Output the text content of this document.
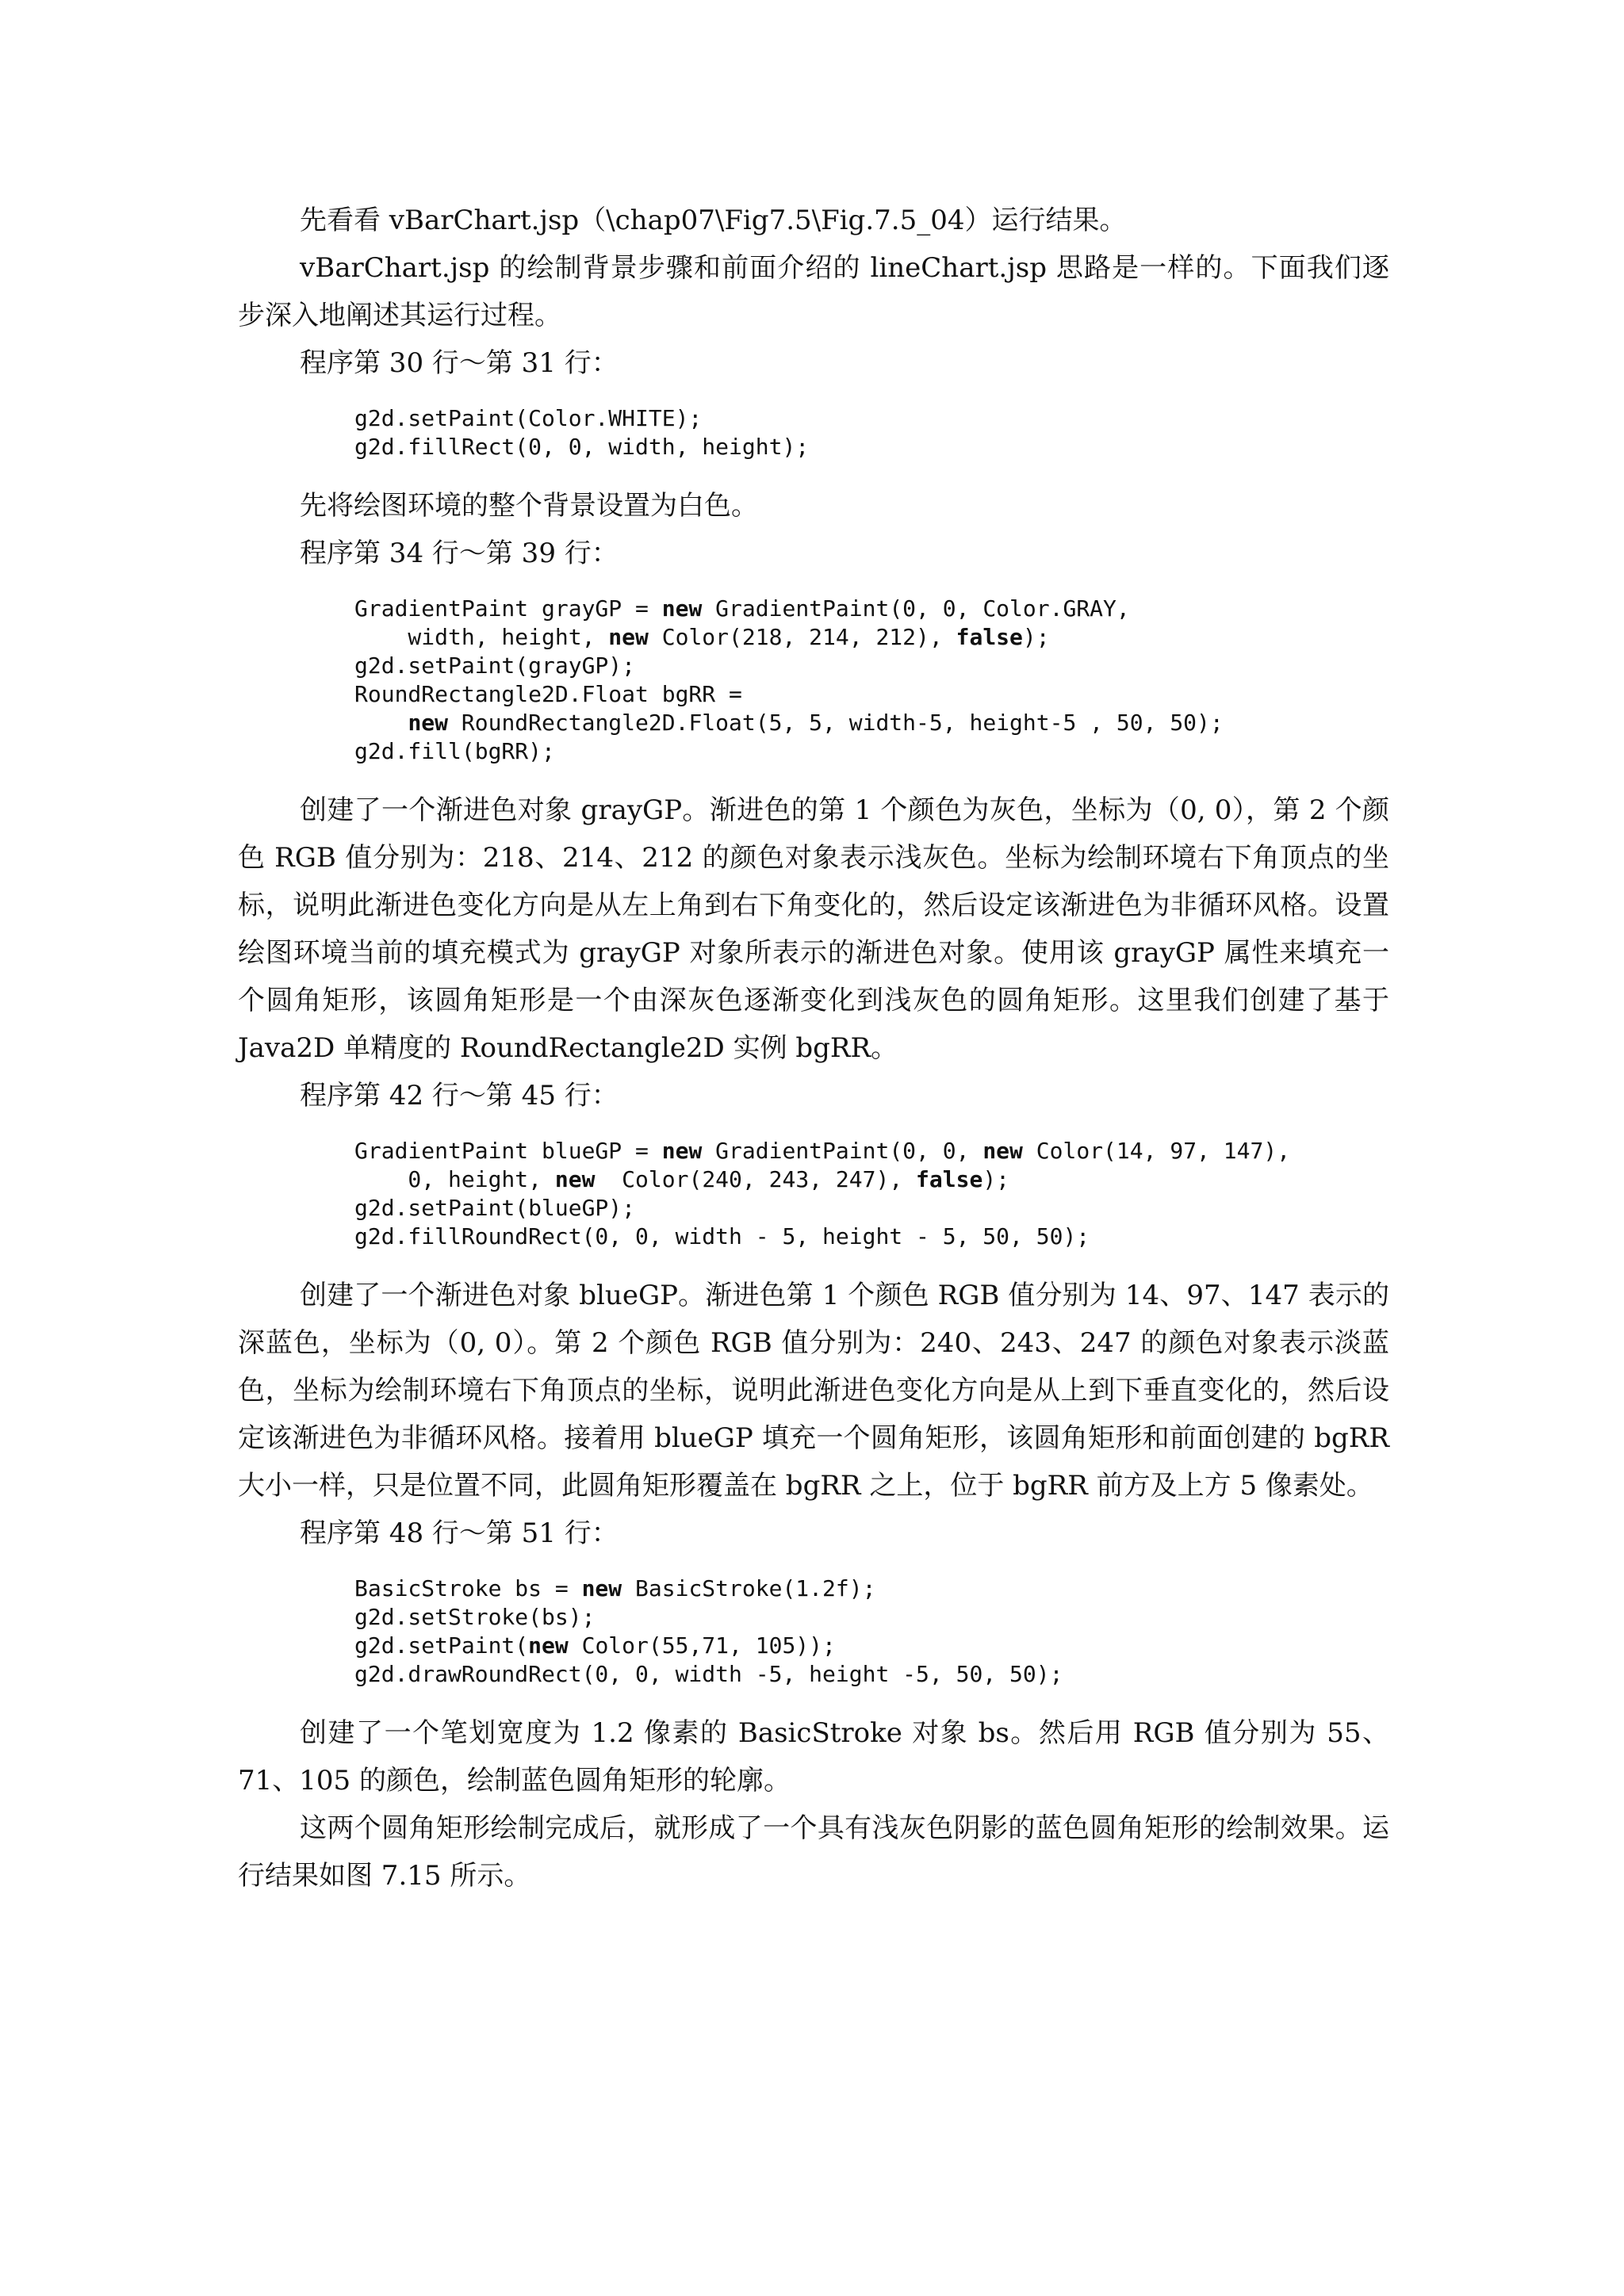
先看看 vBarChart.jsp（\chap07\Fig7.5\Fig.7.5_04）运行结果。

vBarChart.jsp 的绘制背景步骤和前面介绍的 lineChart.jsp 思路是一样的。下面我们逐步深入地阐述其运行过程。

程序第 30 行～第 31 行：

g2d.setPaint(Color.WHITE);
g2d.fillRect(0, 0, width, height);

先将绘图环境的整个背景设置为白色。

程序第 34 行～第 39 行：

GradientPaint grayGP = new GradientPaint(0, 0, Color.GRAY,
width, height, new Color(218, 214, 212), false);
g2d.setPaint(grayGP);
RoundRectangle2D.Float bgRR =
new RoundRectangle2D.Float(5, 5, width-5, height-5 , 50, 50);
g2d.fill(bgRR);

创建了一个渐进色对象 grayGP。渐进色的第 1 个颜色为灰色，坐标为（0, 0），第 2 个颜色 RGB 值分别为：218、214、212 的颜色对象表示浅灰色。坐标为绘制环境右下角顶点的坐标，说明此渐进色变化方向是从左上角到右下角变化的，然后设定该渐进色为非循环风格。设置绘图环境当前的填充模式为 grayGP 对象所表示的渐进色对象。使用该 grayGP 属性来填充一个圆角矩形，该圆角矩形是一个由深灰色逐渐变化到浅灰色的圆角矩形。这里我们创建了基于 Java2D 单精度的 RoundRectangle2D 实例 bgRR。

程序第 42 行～第 45 行：

GradientPaint blueGP = new GradientPaint(0, 0, new Color(14, 97, 147),
0, height, new  Color(240, 243, 247), false);
g2d.setPaint(blueGP);
g2d.fillRoundRect(0, 0, width - 5, height - 5, 50, 50);

创建了一个渐进色对象 blueGP。渐进色第 1 个颜色 RGB 值分别为 14、97、147 表示的深蓝色，坐标为（0, 0）。第 2 个颜色 RGB 值分别为：240、243、247 的颜色对象表示淡蓝色，坐标为绘制环境右下角顶点的坐标，说明此渐进色变化方向是从上到下垂直变化的，然后设定该渐进色为非循环风格。接着用 blueGP 填充一个圆角矩形，该圆角矩形和前面创建的 bgRR 大小一样，只是位置不同，此圆角矩形覆盖在 bgRR 之上，位于 bgRR 前方及上方 5 像素处。

程序第 48 行～第 51 行：

BasicStroke bs = new BasicStroke(1.2f);
g2d.setStroke(bs);
g2d.setPaint(new Color(55,71, 105));
g2d.drawRoundRect(0, 0, width -5, height -5, 50, 50);

创建了一个笔划宽度为 1.2 像素的 BasicStroke 对象 bs。然后用 RGB 值分别为 55、71、105 的颜色，绘制蓝色圆角矩形的轮廓。

这两个圆角矩形绘制完成后，就形成了一个具有浅灰色阴影的蓝色圆角矩形的绘制效果。运行结果如图 7.15 所示。
